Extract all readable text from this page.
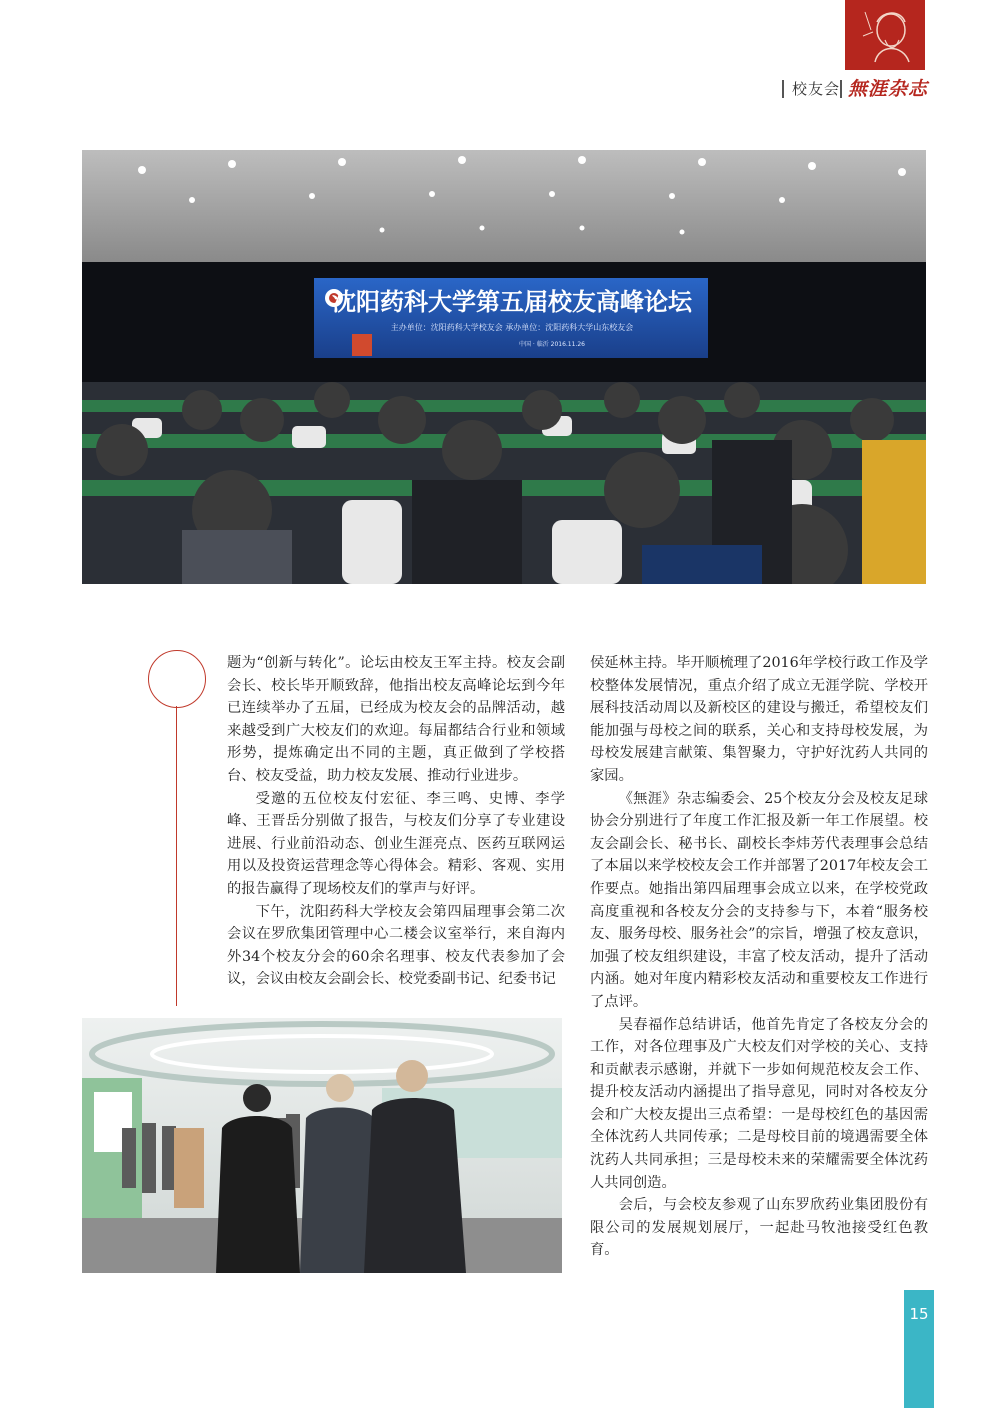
校友会 無涯杂志
沈阳药科大学第五届校友高峰论坛
主办单位：沈阳药科大学校友会 承办单位：沈阳药科大学山东校友会
中国 · 临沂 2016.11.26

题为“创新与转化”。论坛由校友王军主持。校友会副会长、校长毕开顺致辞，他指出校友高峰论坛到今年已连续举办了五届，已经成为校友会的品牌活动，越来越受到广大校友们的欢迎。每届都结合行业和领域形势，提炼确定出不同的主题，真正做到了学校搭台、校友受益，助力校友发展、推动行业进步。

受邀的五位校友付宏征、李三鸣、史博、李学峰、王晋岳分别做了报告，与校友们分享了专业建设进展、行业前沿动态、创业生涯亮点、医药互联网运用以及投资运营理念等心得体会。精彩、客观、实用的报告赢得了现场校友们的掌声与好评。

下午，沈阳药科大学校友会第四届理事会第二次会议在罗欣集团管理中心二楼会议室举行，来自海内外34个校友分会的60余名理事、校友代表参加了会议，会议由校友会副会长、校党委副书记、纪委书记

侯延林主持。毕开顺梳理了2016年学校行政工作及学校整体发展情况，重点介绍了成立无涯学院、学校开展科技活动周以及新校区的建设与搬迁，希望校友们能加强与母校之间的联系，关心和支持母校发展，为母校发展建言献策、集智聚力，守护好沈药人共同的家园。

《無涯》杂志编委会、25个校友分会及校友足球协会分别进行了年度工作汇报及新一年工作展望。校友会副会长、秘书长、副校长李炜芳代表理事会总结了本届以来学校校友会工作并部署了2017年校友会工作要点。她指出第四届理事会成立以来，在学校党政高度重视和各校友分会的支持参与下，本着“服务校友、服务母校、服务社会”的宗旨，增强了校友意识，加强了校友组织建设，丰富了校友活动，提升了活动内涵。她对年度内精彩校友活动和重要校友工作进行了点评。

吴春福作总结讲话，他首先肯定了各校友分会的工作，对各位理事及广大校友们对学校的关心、支持和贡献表示感谢，并就下一步如何规范校友会工作、提升校友活动内涵提出了指导意见，同时对各校友分会和广大校友提出三点希望：一是母校红色的基因需全体沈药人共同传承；二是母校目前的境遇需要全体沈药人共同承担；三是母校未来的荣耀需要全体沈药人共同创造。

会后，与会校友参观了山东罗欣药业集团股份有限公司的发展规划展厅，一起赴马牧池接受红色教育。

15
